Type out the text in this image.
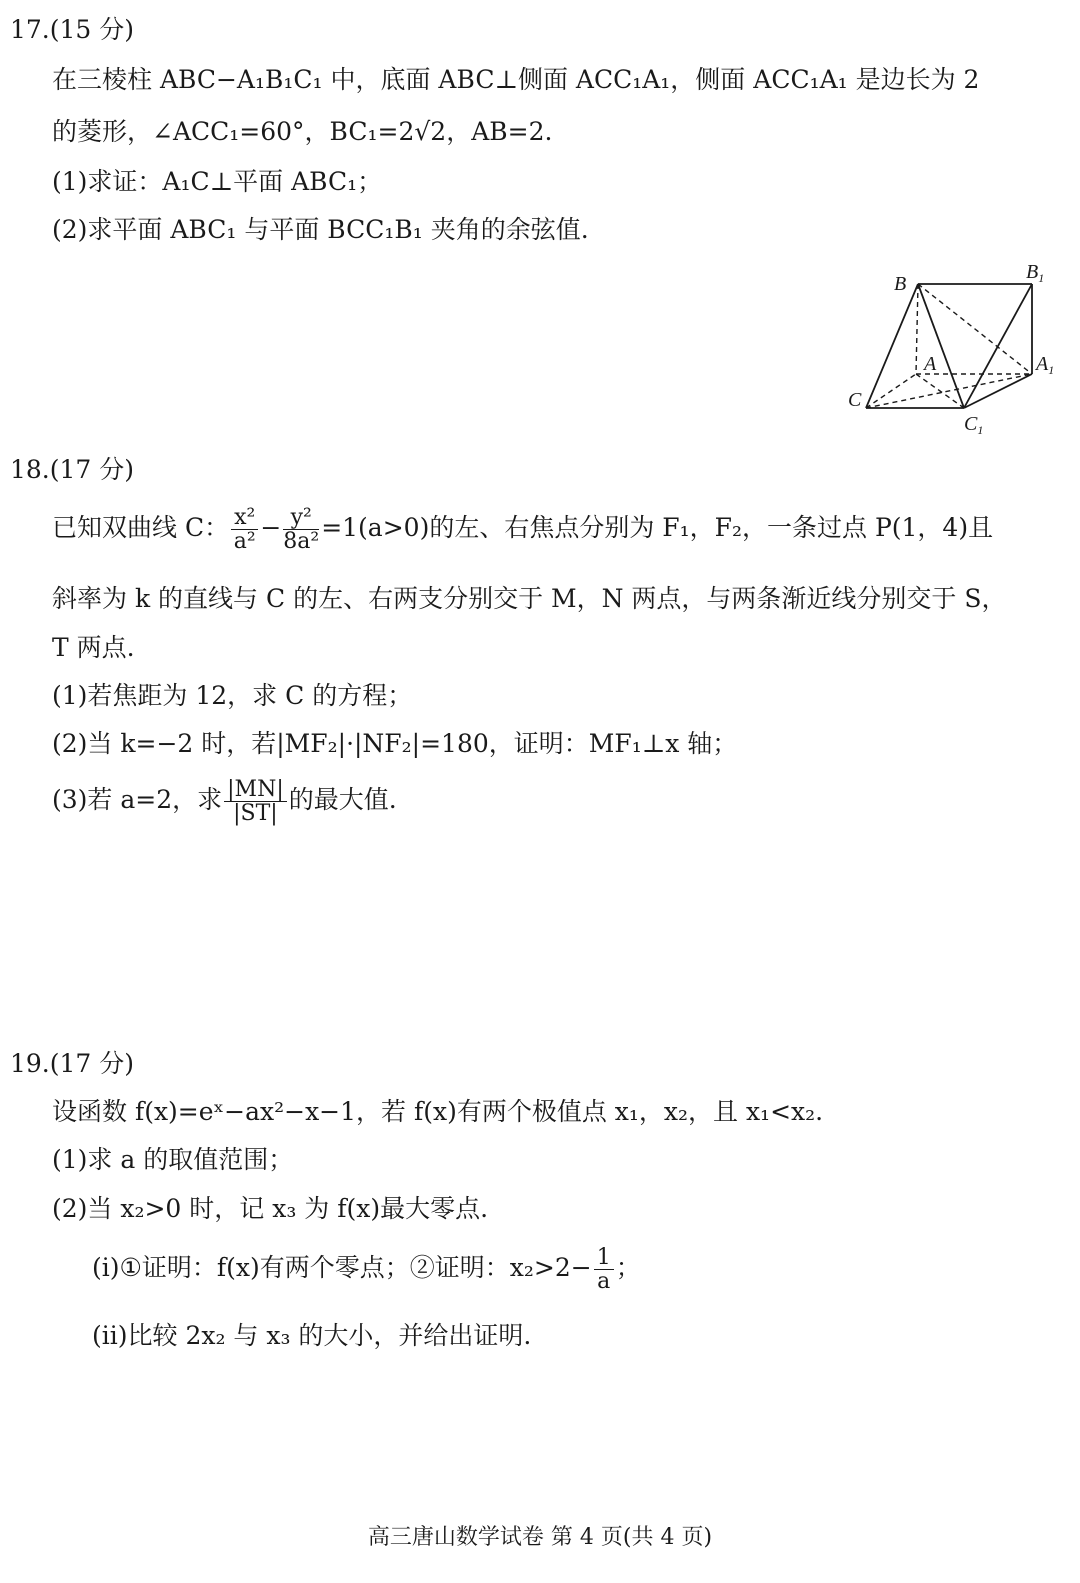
17.(15 分)
在三棱柱 ABC−A₁B₁C₁ 中，底面 ABC⊥侧面 ACC₁A₁，侧面 ACC₁A₁ 是边长为 2
的菱形，∠ACC₁=60°，BC₁=2√2，AB=2.
(1)求证：A₁C⊥平面 ABC₁；
(2)求平面 ABC₁ 与平面 BCC₁B₁ 夹角的余弦值.
B
$B_1$
A	$A_1$
C
$C_1$
18.(17 分)
已知双曲线 C： $\frac{\text{x²}}{\text{a²}} - \frac{\text{y²}}{\text{8a²}} =1(a>0)$的左、右焦点分别为 F₁，F₂，一条过点 P(1，4)且
斜率为 k 的直线与 C 的左、右两支分别交于 M，N 两点，与两条渐近线分别交于 S，
T 两点.
(1)若焦距为 12，求 C 的方程；
(2)当 k=−2 时，若|MF₂|·|NF₂|=180，证明：MF₁⊥x 轴；
(3)若 a=2，求 $\frac{|MN|}{|ST|}$ 的最大值.
19.(17 分)
设函数 f(x)=eˣ−ax²−x−1，若 f(x)有两个极值点 x₁，x₂，且 x₁<x₂.
(1)求 a 的取值范围；
(2)当 x₂>0 时，记 x₃ 为 f(x)最大零点.
(i)①证明：f(x)有两个零点；②证明：$x_2>2- \frac{1}{a}$ ；
(ii)比较 2x₂ 与 x₃ 的大小，并给出证明.
高三唐山数学试卷 第 4 页(共 4 页)
